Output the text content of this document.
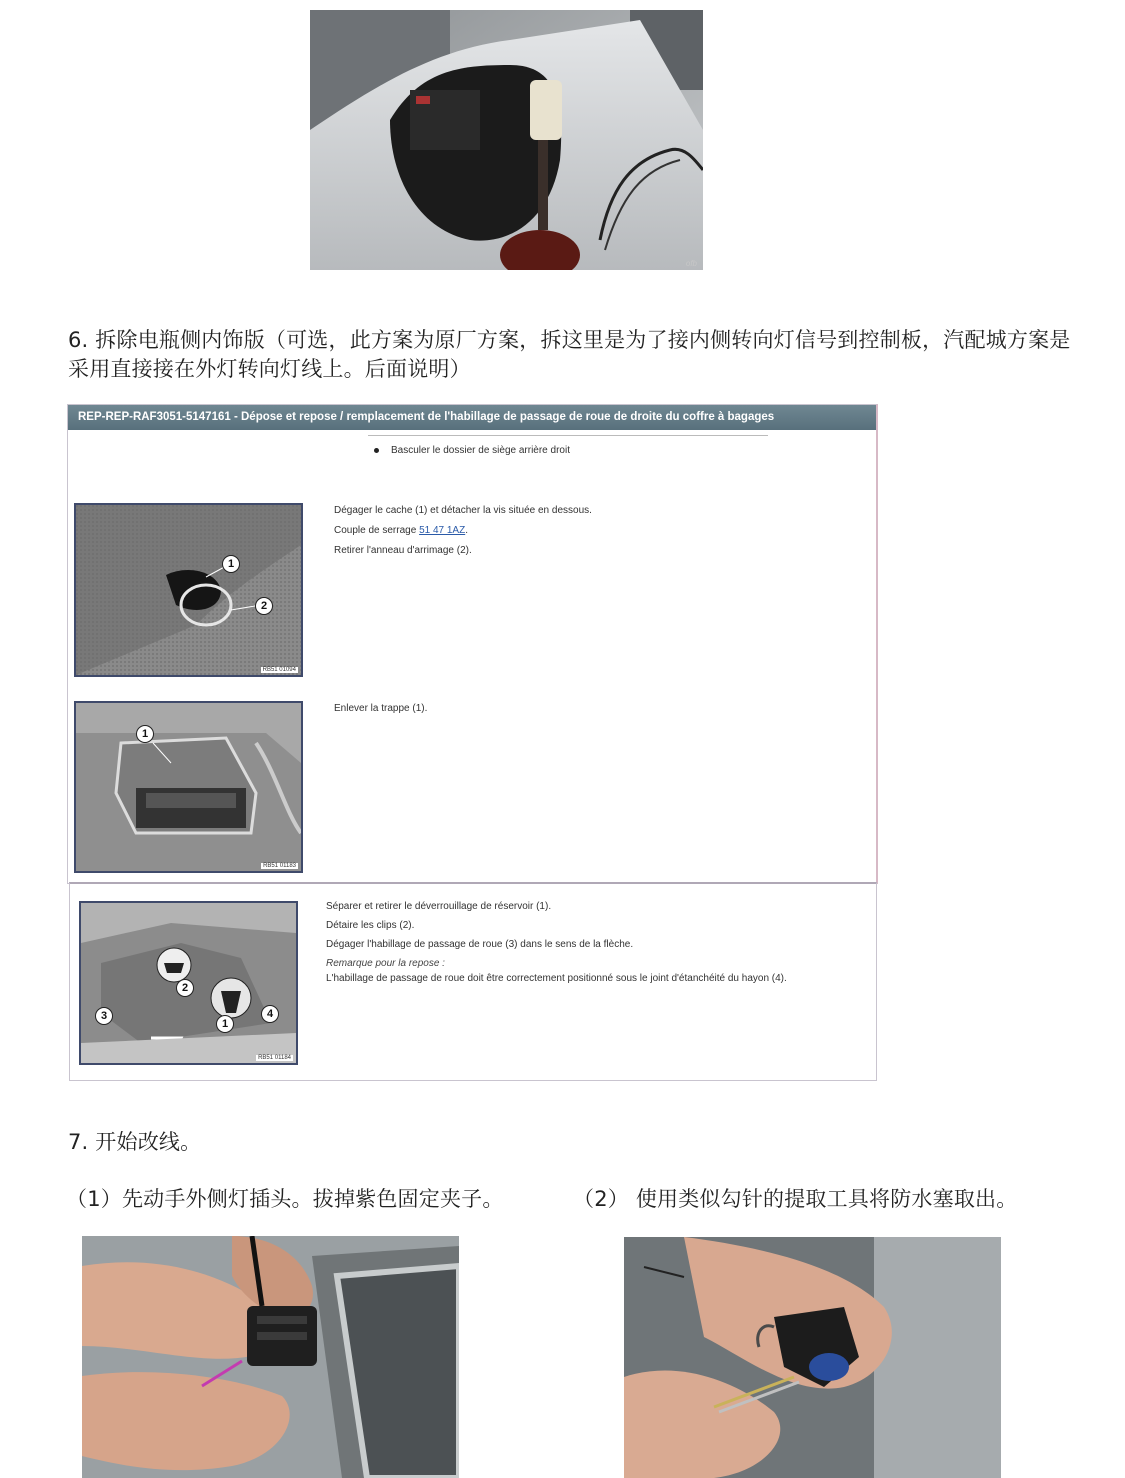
ofb
6. 拆除电瓶侧内饰版（可选，此方案为原厂方案，拆这里是为了接内侧转向灯信号到控制板，汽配城方案是
采用直接接在外灯转向灯线上。后面说明）
REP-REP-RAF3051-5147161 - Dépose et repose / remplacement de l'habillage de passage de roue de droite du coffre à bagages
Basculer le dossier de siège arrière droit
1
2
RB51 01094
Dégager le cache (1) et détacher la vis située en dessous.
Couple de serrage 51 47 1AZ.
Retirer l'anneau d'arrimage (2).
1
RB51 01183
Enlever la trappe (1).
2
3
1
4
RB51 01184
Séparer et retirer le déverrouillage de réservoir (1).
Détaire les clips (2).
Dégager l'habillage de passage de roue (3) dans le sens de la flèche.
Remarque pour la repose :
L'habillage de passage de roue doit être correctement positionné sous le joint d'étanchéité du hayon (4).
7. 开始改线。
（1）先动手外侧灯插头。拔掉紫色固定夹子。	（2） 使用类似勾针的提取工具将防水塞取出。
